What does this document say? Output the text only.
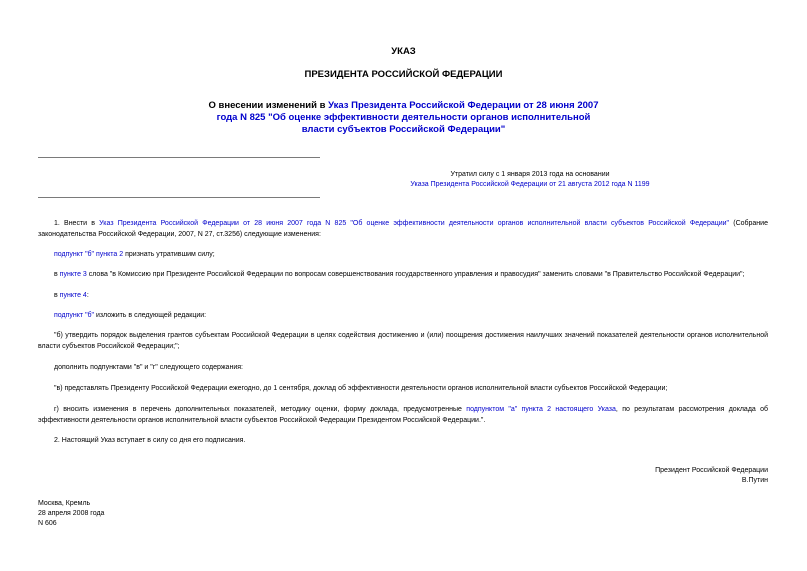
УКАЗ
ПРЕЗИДЕНТА РОССИЙСКОЙ ФЕДЕРАЦИИ
О внесении изменений в Указ Президента Российской Федерации от 28 июня 2007 года N 825 "Об оценке эффективности деятельности органов исполнительной власти субъектов Российской Федерации"
Утратил силу с 1 января 2013 года на основании
Указа Президента Российской Федерации от 21 августа 2012 года N 1199
1. Внести в Указ Президента Российской Федерации от 28 июня 2007 года N 825 "Об оценке эффективности деятельности органов исполнительной власти субъектов Российской Федерации" (Собрание законодательства Российской Федерации, 2007, N 27, ст.3256) следующие изменения:
подпункт "б" пункта 2 признать утратившим силу;
в пункте 3 слова "в Комиссию при Президенте Российской Федерации по вопросам совершенствования государственного управления и правосудия" заменить словами "в Правительство Российской Федерации";
в пункте 4:
подпункт "б" изложить в следующей редакции:
"б) утвердить порядок выделения грантов субъектам Российской Федерации в целях содействия достижению и (или) поощрения достижения наилучших значений показателей деятельности органов исполнительной власти субъектов Российской Федерации;";
дополнить подпунктами "в" и "г" следующего содержания:
"в) представлять Президенту Российской Федерации ежегодно, до 1 сентября, доклад об эффективности деятельности органов исполнительной власти субъектов Российской Федерации;
г) вносить изменения в перечень дополнительных показателей, методику оценки, форму доклада, предусмотренные подпунктом "а" пункта 2 настоящего Указа, по результатам рассмотрения доклада об эффективности деятельности органов исполнительной власти субъектов Российской Федерации Президентом Российской Федерации.".
2. Настоящий Указ вступает в силу со дня его подписания.
Президент Российской Федерации
В.Путин
Москва, Кремль
28 апреля 2008 года
N 606
